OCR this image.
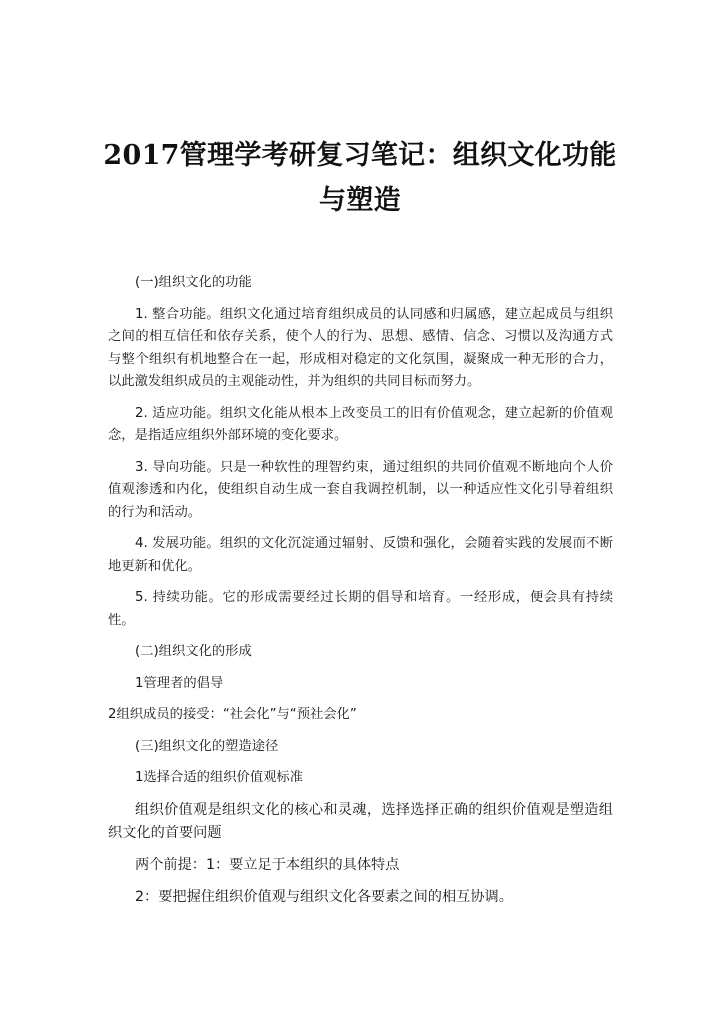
2017管理学考研复习笔记：组织文化功能与塑造

(一)组织文化的功能

1. 整合功能。组织文化通过培育组织成员的认同感和归属感，建立起成员与组织之间的相互信任和依存关系，使个人的行为、思想、感情、信念、习惯以及沟通方式与整个组织有机地整合在一起，形成相对稳定的文化氛围，凝聚成一种无形的合力，以此激发组织成员的主观能动性，并为组织的共同目标而努力。

2. 适应功能。组织文化能从根本上改变员工的旧有价值观念，建立起新的价值观念，是指适应组织外部环境的变化要求。

3. 导向功能。只是一种软性的理智约束，通过组织的共同价值观不断地向个人价值观渗透和内化，使组织自动生成一套自我调控机制，以一种适应性文化引导着组织的行为和活动。

4. 发展功能。组织的文化沉淀通过辐射、反馈和强化，会随着实践的发展而不断地更新和优化。

5. 持续功能。它的形成需要经过长期的倡导和培育。一经形成，便会具有持续性。

(二)组织文化的形成

1管理者的倡导

2组织成员的接受：“社会化”与“预社会化”

(三)组织文化的塑造途径

1选择合适的组织价值观标准

组织价值观是组织文化的核心和灵魂，选择选择正确的组织价值观是塑造组织文化的首要问题

两个前提：1：要立足于本组织的具体特点

2：要把握住组织价值观与组织文化各要素之间的相互协调。
